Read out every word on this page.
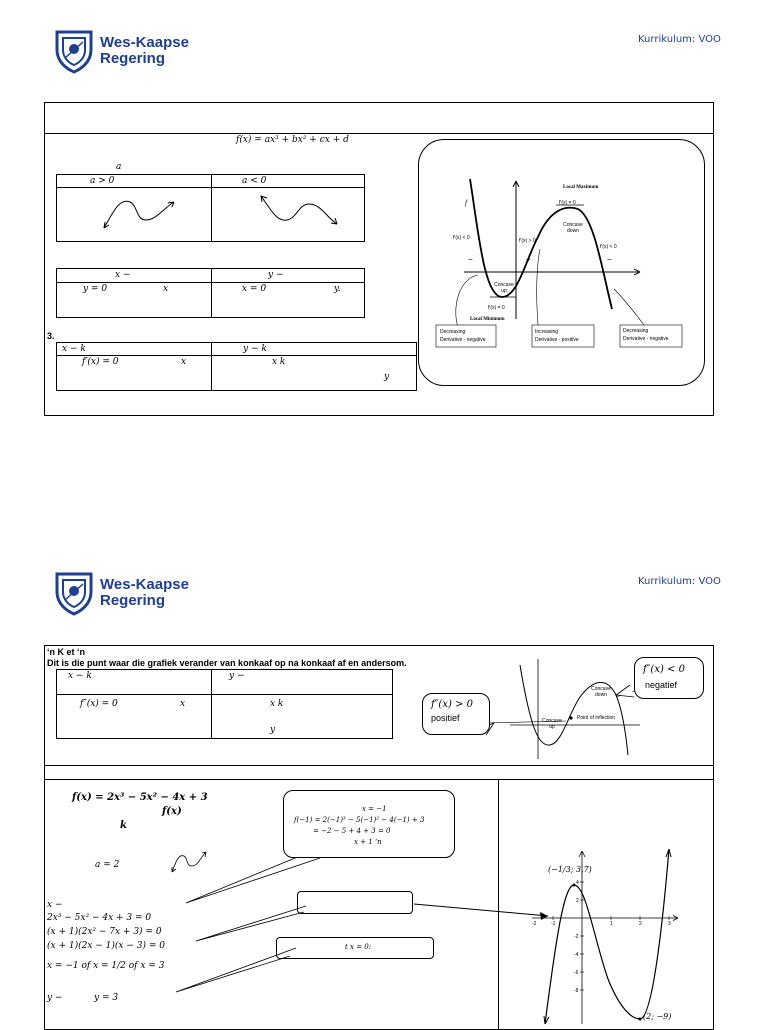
Wes-Kaapse
Regering
Kurrikulum: VOO
f(x) = ax³ + bx² + cx + d
a
a > 0	a < 0
x −	y −
y = 0	x	x = 0	y.
3.
x − k	y − k
f′(x) = 0	x	x k
y
Local Maximum
f	f′(x) = 0
Concave down
f′(x) < 0	f′(x) > 0
f′(x) < 0
−	+	−
Concave up
f′(x) = 0
Local Minimum
Decreasing
Derivative - negative
Increasing
Derivative - positive
Decreasing
Derivative - negative
Wes-Kaapse
Regering
Kurrikulum: VOO
‘n K et ‘n
Dit is die punt waar die grafiek verander van konkaaf op na konkaaf af en andersom.
x − k	y −
f″(x) = 0	x	x k
y
f″(x) > 0
positief
f″(x) < 0
negatief
Concave up
Concave down
Point of inflection
f(x) = 2x³ − 5x² − 4x + 3
f(x)
k
a = 2
x −
2x³ − 5x² − 4x + 3 = 0
(x + 1)(2x² − 7x + 3) = 0
(x + 1)(2x − 1)(x − 3) = 0
x = −1 of x = 1/2 of x = 3
y −	y = 3
x = −1
f(−1) = 2(−1)³ − 5(−1)² − 4(−1) + 3
= −2 − 5 + 4 + 3 = 0
x + 1 ‘n
t x = 0:
(−1/3; 3,7)
(2; −9)
-2	-1	1	2	3
4
2
-2
-4
-6
-8
